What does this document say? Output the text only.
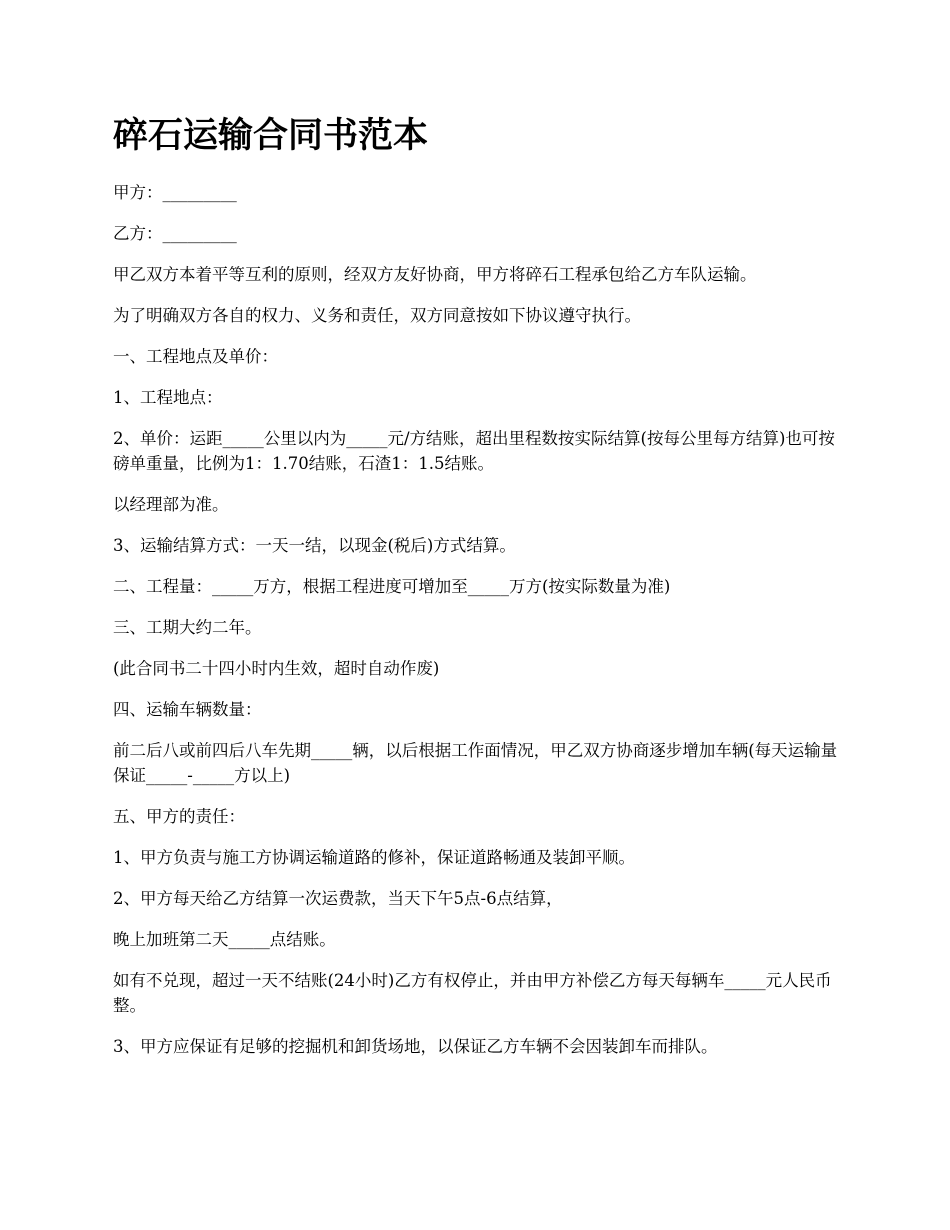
碎石运输合同书范本

甲方：_________

乙方：_________

甲乙双方本着平等互利的原则，经双方友好协商，甲方将碎石工程承包给乙方车队运输。

为了明确双方各自的权力、义务和责任，双方同意按如下协议遵守执行。

一、工程地点及单价：

1、工程地点：

2、单价：运距_____公里以内为_____元/方结账，超出里程数按实际结算(按每公里每方结算)也可按磅单重量，比例为1：1.70结账，石渣1：1.5结账。

以经理部为准。

3、运输结算方式：一天一结，以现金(税后)方式结算。

二、工程量：_____万方，根据工程进度可增加至_____万方(按实际数量为准)

三、工期大约二年。

(此合同书二十四小时内生效，超时自动作废)

四、运输车辆数量：

前二后八或前四后八车先期_____辆，以后根据工作面情况，甲乙双方协商逐步增加车辆(每天运输量保证_____-_____方以上)

五、甲方的责任：

1、甲方负责与施工方协调运输道路的修补，保证道路畅通及装卸平顺。

2、甲方每天给乙方结算一次运费款，当天下午5点-6点结算，

晚上加班第二天_____点结账。

如有不兑现，超过一天不结账(24小时)乙方有权停止，并由甲方补偿乙方每天每辆车_____元人民币整。

3、甲方应保证有足够的挖掘机和卸货场地，以保证乙方车辆不会因装卸车而排队。
